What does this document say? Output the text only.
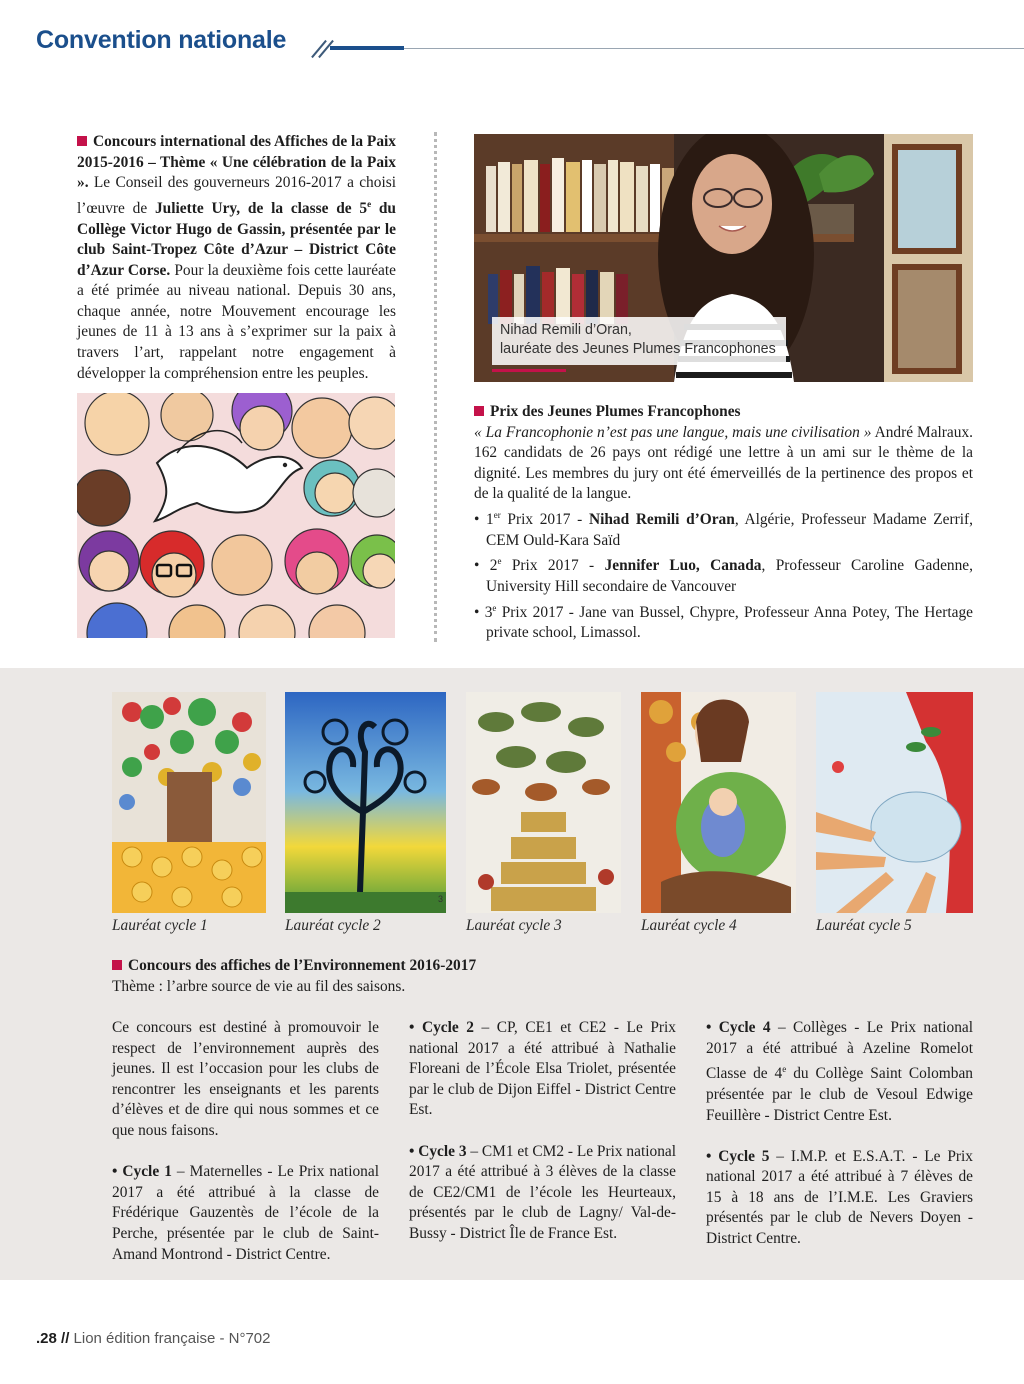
Convention nationale
Concours international des Affiches de la Paix 2015-2016 – Thème « Une célébration de la Paix ». Le Conseil des gouverneurs 2016-2017 a choisi l’œuvre de Juliette Ury, de la classe de 5e du Collège Victor Hugo de Gassin, présentée par le club Saint-Tropez Côte d’Azur – District Côte d’Azur Corse. Pour la deuxième fois cette lauréate a été primée au niveau national. Depuis 30 ans, chaque année, notre Mouvement encourage les jeunes de 11 à 13 ans à s’exprimer sur la paix à travers l’art, rappelant notre engagement à développer la compréhension entre les peuples.
Nihad Remili d’Oran,
lauréate des Jeunes Plumes Francophones
Prix des Jeunes Plumes Francophones
« La Francophonie n’est pas une langue, mais une civilisation » André Malraux. 162 candidats de 26 pays ont rédigé une lettre à un ami sur le thème de la dignité. Les membres du jury ont été émerveillés de la pertinence des propos et de la qualité de la langue.
• 1er Prix 2017 - Nihad Remili d’Oran, Algérie, Professeur Madame Zerrif, CEM Ould-Kara Saïd
• 2e Prix 2017 - Jennifer Luo, Canada, Professeur Caroline Gadenne, University Hill secondaire de Vancouver
• 3e Prix 2017 - Jane van Bussel, Chypre, Professeur Anna Potey, The Hertage private school, Limassol.
3
Lauréat cycle 1	Lauréat cycle 2	Lauréat cycle 3	Lauréat cycle 4	Lauréat cycle 5
Concours des affiches de l’Environnement 2016-2017
Thème : l’arbre source de vie au fil des saisons.
Ce concours est destiné à promouvoir le respect de l’environnement auprès des jeunes. Il est l’occasion pour les clubs de rencontrer les enseignants et les parents d’élèves et de dire qui nous sommes et ce que nous faisons.
• Cycle 1 – Maternelles - Le Prix national 2017 a été attribué à la classe de Frédérique Gauzentès de l’école de la Perche, présentée par le club de Saint-Amand Montrond - District Centre.
• Cycle 2 – CP, CE1 et CE2 - Le Prix national 2017 a été attribué à Nathalie Floreani de l’École Elsa Triolet, présentée par le club de Dijon Eiffel - District Centre Est.
• Cycle 3 – CM1 et CM2 - Le Prix national 2017 a été attribué à 3 élèves de la classe de CE2/CM1 de l’école les Heurteaux, présentés par le club de Lagny/ Val-de-Bussy - District Île de France Est.
• Cycle 4 – Collèges - Le Prix national 2017 a été attribué à Azeline Romelot Classe de 4e du Collège Saint Colomban présentée par le club de Vesoul Edwige Feuillère - District Centre Est.
• Cycle 5 – I.M.P. et E.S.A.T. - Le Prix national 2017 a été attribué à 7 élèves de 15 à 18 ans de l’I.M.E. Les Graviers présentés par le club de Nevers Doyen - District Centre.
.28 // Lion édition française - N°702
